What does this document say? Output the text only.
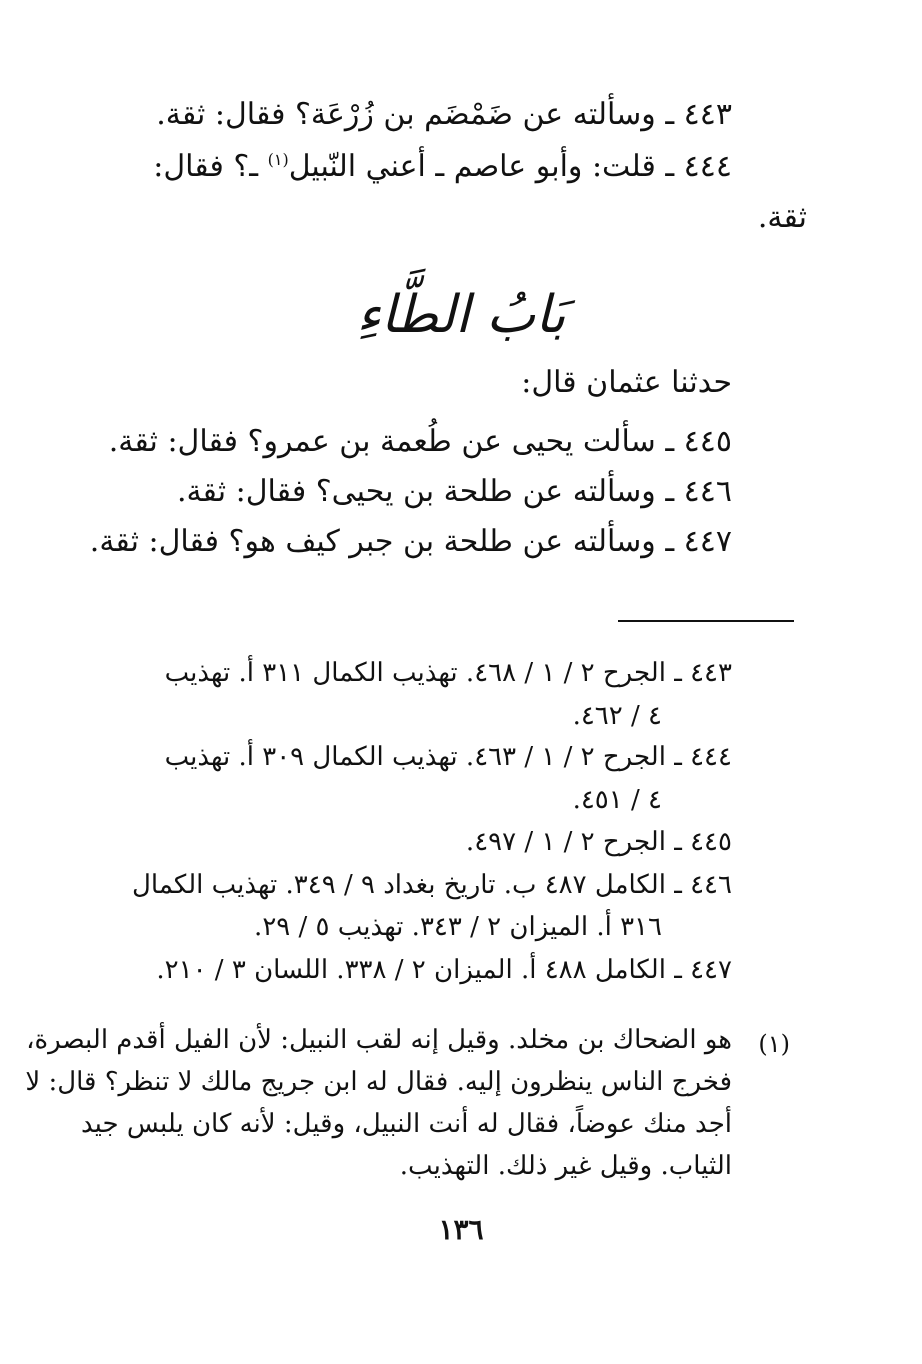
٤٤٣ ـ وسألته عن ضَمْضَم بن زُرْعَة؟ فقال: ثقة.
٤٤٤ ـ قلت: وأبو عاصم ـ أعني النّبيل$^{(١)}$ ـ؟ فقال:
ثقة.
بَابُ الطَّاءِ
حدثنا عثمان قال:
٤٤٥ ـ سألت يحيى عن طُعمة بن عمرو؟ فقال: ثقة.
٤٤٦ ـ وسألته عن طلحة بن يحيى؟ فقال: ثقة.
٤٤٧ ـ وسألته عن طلحة بن جبر كيف هو؟ فقال: ثقة.
٤٤٣ ـ الجرح ٢ / ١ / ٤٦٨. تهذيب الكمال ٣١١ أ. تهذيب
٤ / ٤٦٢.
٤٤٤ ـ الجرح ٢ / ١ / ٤٦٣. تهذيب الكمال ٣٠٩ أ. تهذيب
٤ / ٤٥١.
٤٤٥ ـ الجرح ٢ / ١ / ٤٩٧.
٤٤٦ ـ الكامل ٤٨٧ ب. تاريخ بغداد ٩ / ٣٤٩. تهذيب الكمال
٣١٦ أ. الميزان ٢ / ٣٤٣. تهذيب ٥ / ٢٩.
٤٤٧ ـ الكامل ٤٨٨ أ. الميزان ٢ / ٣٣٨. اللسان ٣ / ٢١٠.
(١)
هو الضحاك بن مخلد. وقيل إنه لقب النبيل: لأن الفيل أقدم البصرة،
فخرج الناس ينظرون إليه. فقال له ابن جريج مالك لا تنظر؟ قال: لا
أجد منك عوضاً، فقال له أنت النبيل، وقيل: لأنه كان يلبس جيد
الثياب. وقيل غير ذلك. التهذيب.
١٣٦
